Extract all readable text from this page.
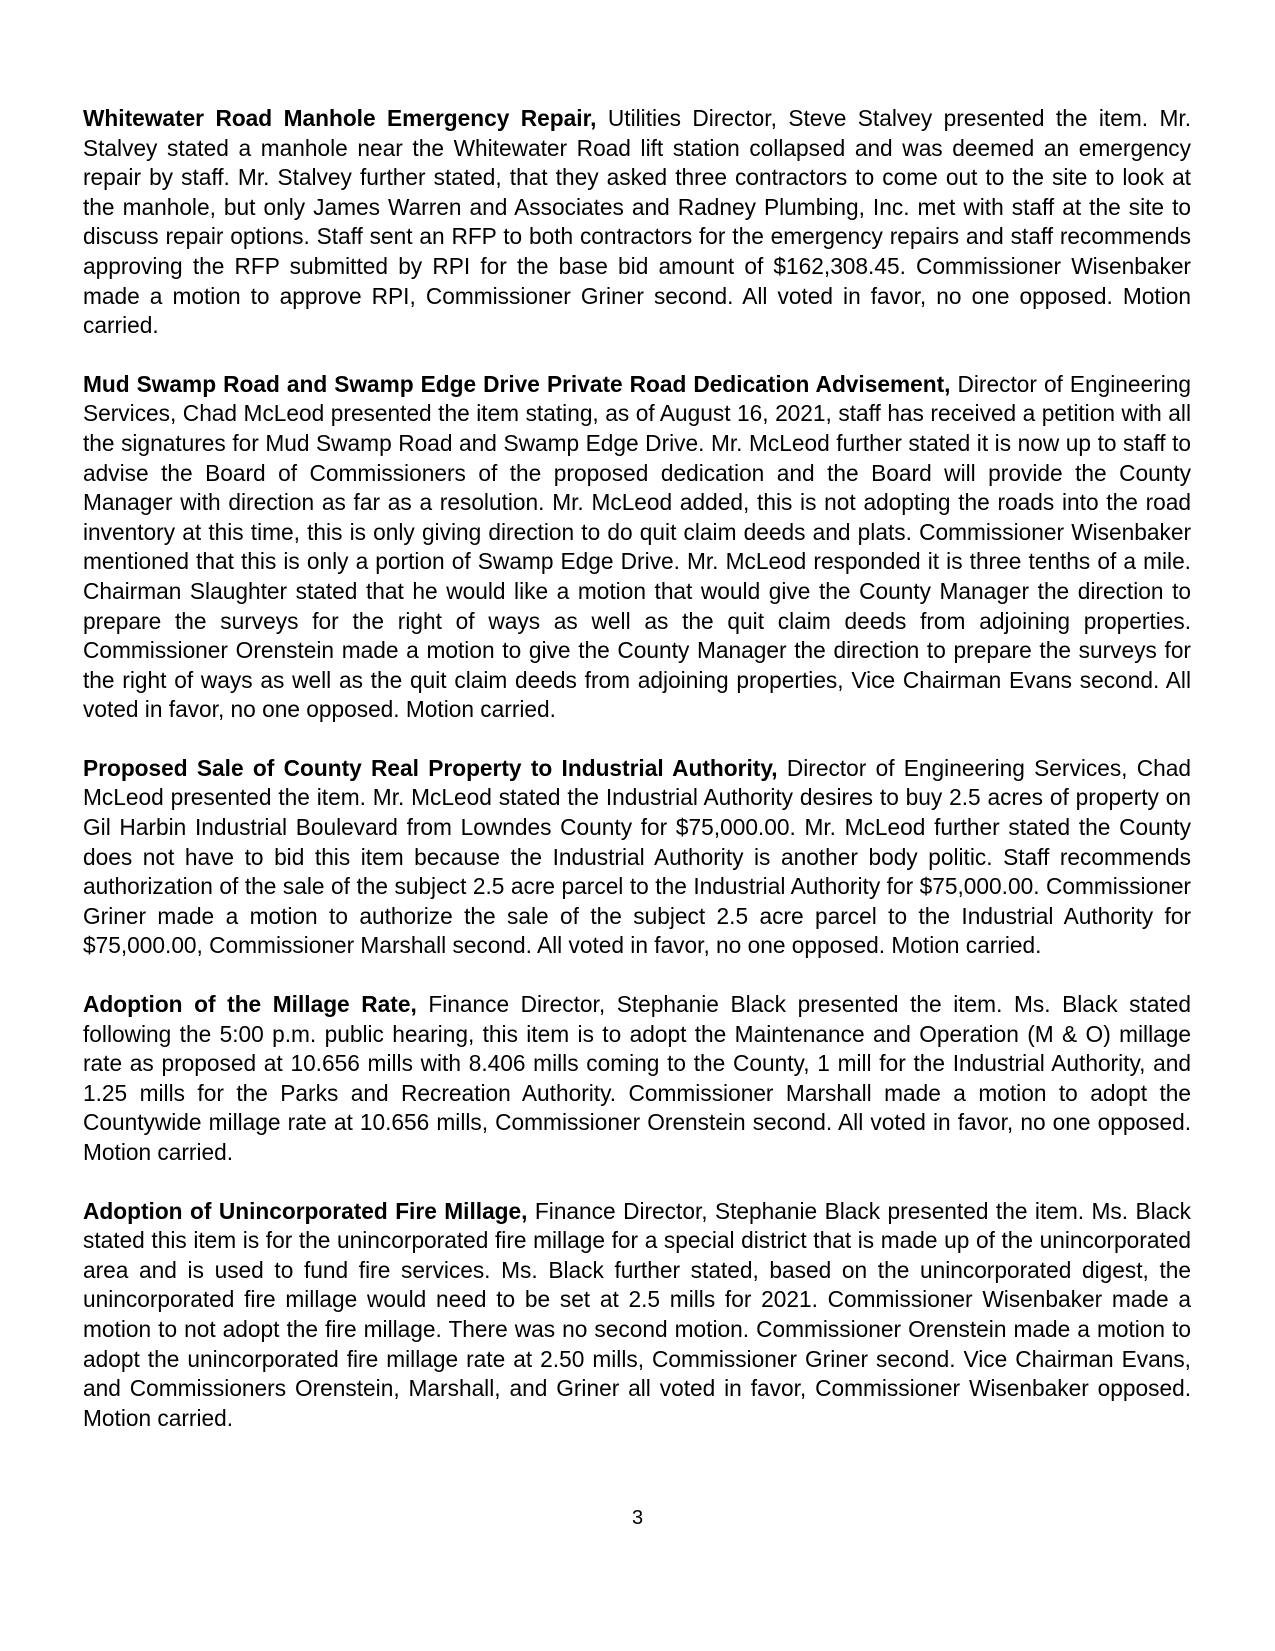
Whitewater Road Manhole Emergency Repair, Utilities Director, Steve Stalvey presented the item. Mr. Stalvey stated a manhole near the Whitewater Road lift station collapsed and was deemed an emergency repair by staff. Mr. Stalvey further stated, that they asked three contractors to come out to the site to look at the manhole, but only James Warren and Associates and Radney Plumbing, Inc. met with staff at the site to discuss repair options. Staff sent an RFP to both contractors for the emergency repairs and staff recommends approving the RFP submitted by RPI for the base bid amount of $162,308.45. Commissioner Wisenbaker made a motion to approve RPI, Commissioner Griner second. All voted in favor, no one opposed. Motion carried.

Mud Swamp Road and Swamp Edge Drive Private Road Dedication Advisement, Director of Engineering Services, Chad McLeod presented the item stating, as of August 16, 2021, staff has received a petition with all the signatures for Mud Swamp Road and Swamp Edge Drive. Mr. McLeod further stated it is now up to staff to advise the Board of Commissioners of the proposed dedication and the Board will provide the County Manager with direction as far as a resolution. Mr. McLeod added, this is not adopting the roads into the road inventory at this time, this is only giving direction to do quit claim deeds and plats. Commissioner Wisenbaker mentioned that this is only a portion of Swamp Edge Drive. Mr. McLeod responded it is three tenths of a mile. Chairman Slaughter stated that he would like a motion that would give the County Manager the direction to prepare the surveys for the right of ways as well as the quit claim deeds from adjoining properties. Commissioner Orenstein made a motion to give the County Manager the direction to prepare the surveys for the right of ways as well as the quit claim deeds from adjoining properties, Vice Chairman Evans second. All voted in favor, no one opposed. Motion carried.

Proposed Sale of County Real Property to Industrial Authority, Director of Engineering Services, Chad McLeod presented the item. Mr. McLeod stated the Industrial Authority desires to buy 2.5 acres of property on Gil Harbin Industrial Boulevard from Lowndes County for $75,000.00. Mr. McLeod further stated the County does not have to bid this item because the Industrial Authority is another body politic. Staff recommends authorization of the sale of the subject 2.5 acre parcel to the Industrial Authority for $75,000.00. Commissioner Griner made a motion to authorize the sale of the subject 2.5 acre parcel to the Industrial Authority for $75,000.00, Commissioner Marshall second. All voted in favor, no one opposed. Motion carried.

Adoption of the Millage Rate, Finance Director, Stephanie Black presented the item. Ms. Black stated following the 5:00 p.m. public hearing, this item is to adopt the Maintenance and Operation (M & O) millage rate as proposed at 10.656 mills with 8.406 mills coming to the County, 1 mill for the Industrial Authority, and 1.25 mills for the Parks and Recreation Authority. Commissioner Marshall made a motion to adopt the Countywide millage rate at 10.656 mills, Commissioner Orenstein second. All voted in favor, no one opposed. Motion carried.

Adoption of Unincorporated Fire Millage, Finance Director, Stephanie Black presented the item. Ms. Black stated this item is for the unincorporated fire millage for a special district that is made up of the unincorporated area and is used to fund fire services. Ms. Black further stated, based on the unincorporated digest, the unincorporated fire millage would need to be set at 2.5 mills for 2021. Commissioner Wisenbaker made a motion to not adopt the fire millage. There was no second motion. Commissioner Orenstein made a motion to adopt the unincorporated fire millage rate at 2.50 mills, Commissioner Griner second. Vice Chairman Evans, and Commissioners Orenstein, Marshall, and Griner all voted in favor, Commissioner Wisenbaker opposed. Motion carried.

3
